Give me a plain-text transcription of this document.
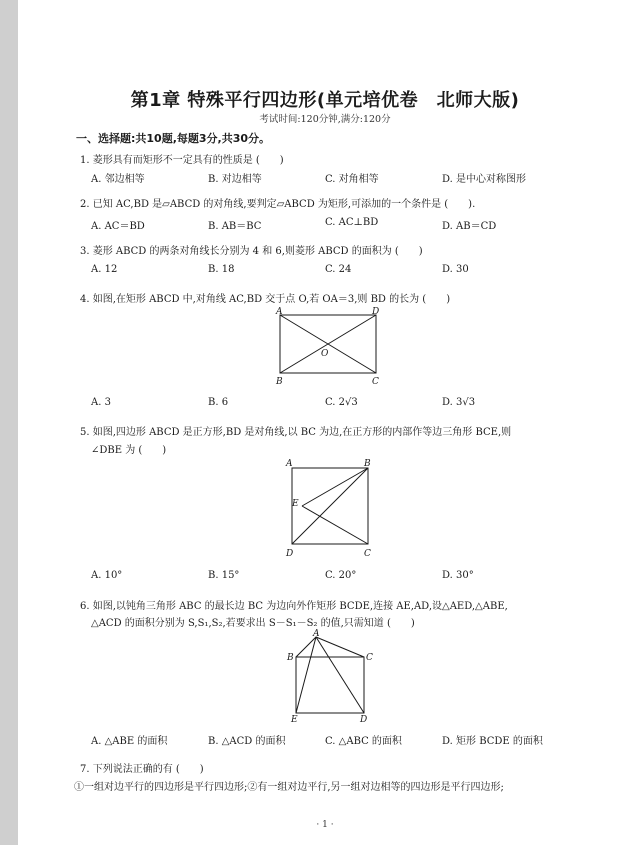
第1章 特殊平行四边形(单元培优卷　北师大版)
考试时间:120分钟,满分:120分
一、选择题:共10题,每题3分,共30分。
1. 菱形具有而矩形不一定具有的性质是 (　　)
A. 邻边相等	B. 对边相等	C. 对角相等	D. 是中心对称图形
2. 已知 AC,BD 是▱ABCD 的对角线,要判定▱ABCD 为矩形,可添加的一个条件是 (　　).
A. AC＝BD	B. AB＝BC	C. AC⊥BD	D. AB＝CD
3. 菱形 ABCD 的两条对角线长分别为 4 和 6,则菱形 ABCD 的面积为 (　　)
A. 12	B. 18	C. 24	D. 30
4. 如图,在矩形 ABCD 中,对角线 AC,BD 交于点 O,若 OA＝3,则 BD 的长为 (　　)
A	D
O
B	C
A. 3	B. 6	C. 2√3	D. 3√3
5. 如图,四边形 ABCD 是正方形,BD 是对角线,以 BC 为边,在正方形的内部作等边三角形 BCE,则
∠DBE 为 (　　)
A	B
E
D	C
A. 10°	B. 15°	C. 20°	D. 30°
6. 如图,以钝角三角形 ABC 的最长边 BC 为边向外作矩形 BCDE,连接 AE,AD,设△AED,△ABE,
△ACD 的面积分别为 S,S₁,S₂,若要求出 S－S₁－S₂ 的值,只需知道 (　　)
A
B	C
E	D
A. △ABE 的面积	B. △ACD 的面积	C. △ABC 的面积	D. 矩形 BCDE 的面积
7. 下列说法正确的有 (　　)
①一组对边平行的四边形是平行四边形;②有一组对边平行,另一组对边相等的四边形是平行四边形;
· 1 ·
